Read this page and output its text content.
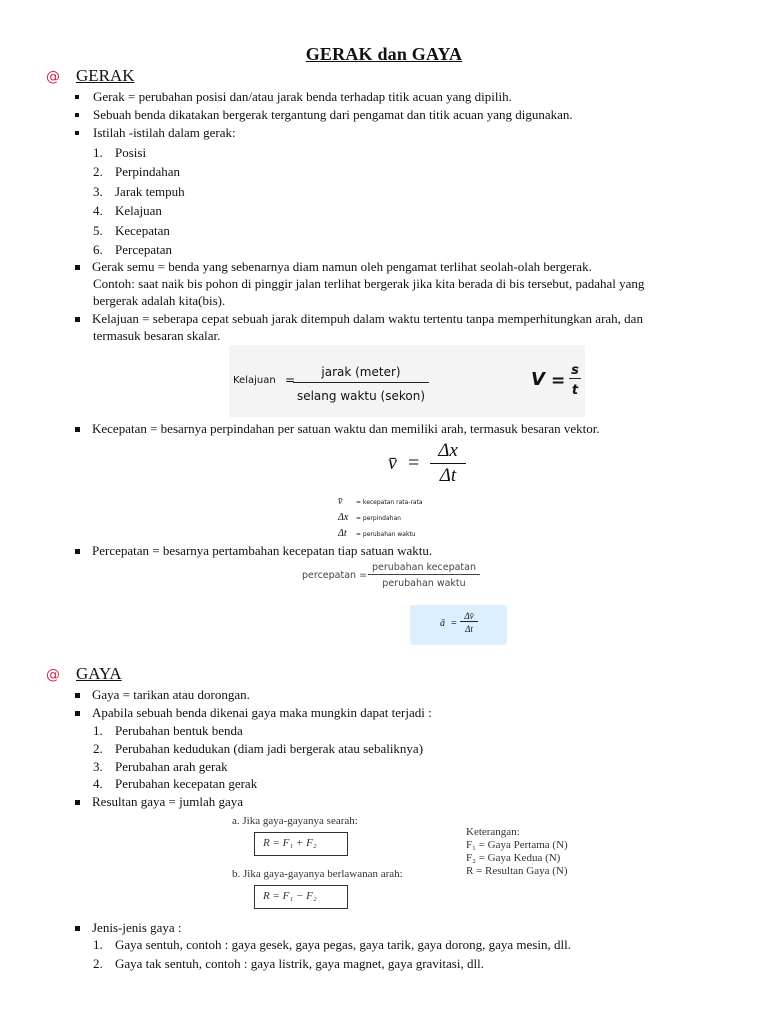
GERAK dan GAYA
@ GERAK
Gerak = perubahan posisi dan/atau jarak benda terhadap titik acuan yang dipilih.
Sebuah benda dikatakan bergerak tergantung dari pengamat dan titik acuan yang digunakan.
Istilah -istilah dalam gerak:
1. Posisi
2. Perpindahan
3. Jarak tempuh
4. Kelajuan
5. Kecepatan
6. Percepatan
Gerak semu = benda yang sebenarnya diam namun oleh pengamat terlihat seolah-olah bergerak.
Contoh: saat naik bis pohon di pinggir jalan terlihat bergerak jika kita berada di bis tersebut, padahal yang
bergerak adalah kita(bis).
Kelajuan = seberapa cepat sebuah jarak ditempuh dalam waktu tertentu tanpa memperhitungkan arah, dan
termasuk besaran skalar.
Kelajuan =
jarak (meter)
selang waktu (sekon)
V =
s
t
Kecepatan = besarnya perpindahan per satuan waktu dan memiliki arah, termasuk besaran vektor.
v̄ =
Δx
Δt
v̄ = kecepatan rata-rata
Δx = perpindahan
Δt = perubahan waktu
Percepatan = besarnya pertambahan kecepatan tiap satuan waktu.
percepatan =
perubahan kecepatan
perubahan waktu
ā =
Δv̄
Δt
@ GAYA
Gaya = tarikan atau dorongan.
Apabila sebuah benda dikenai gaya maka mungkin dapat terjadi :
1. Perubahan bentuk benda
2. Perubahan kedudukan (diam jadi bergerak atau sebaliknya)
3. Perubahan arah gerak
4. Perubahan kecepatan gerak
Resultan gaya = jumlah gaya
a. Jika gaya-gayanya searah:
R = F₁ + F₂
b. Jika gaya-gayanya berlawanan arah:
R = F₁ − F₂
Keterangan:
F₁ = Gaya Pertama (N)
F₂ = Gaya Kedua (N)
R = Resultan Gaya (N)
Jenis-jenis gaya :
1. Gaya sentuh, contoh : gaya gesek, gaya pegas, gaya tarik, gaya dorong, gaya mesin, dll.
2. Gaya tak sentuh, contoh : gaya listrik, gaya magnet, gaya gravitasi, dll.
